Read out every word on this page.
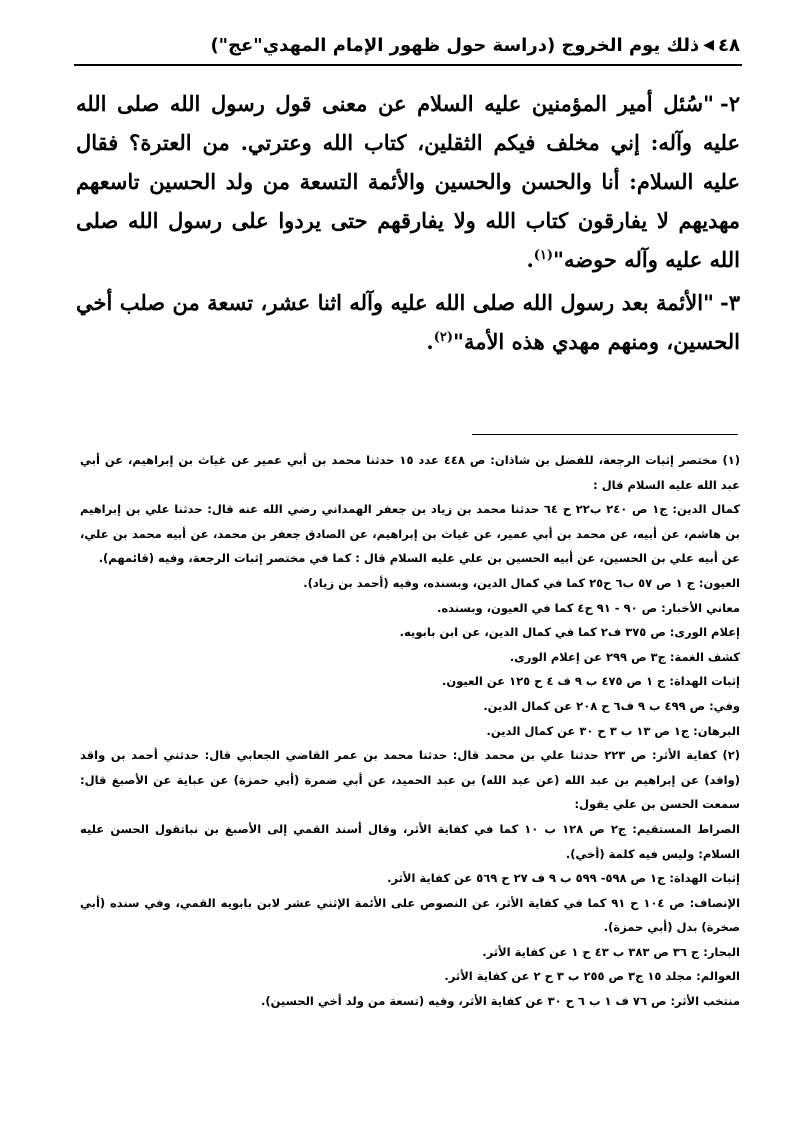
٤٨
◀
ذلك يوم الخروج (دراسة حول ظهور الإمام المهدي"عج")

٢-"سُئل أمير المؤمنين عليه السلام عن معنى قول رسول الله صلى الله عليه وآله: إني مخلف فيكم الثقلين، كتاب الله وعترتي. من العترة؟ فقال عليه السلام: أنا والحسن والحسين والأئمة التسعة من ولد الحسين تاسعهم مهديهم لا يفارقون كتاب الله ولا يفارقهم حتى يردوا على رسول الله صلى الله عليه وآله حوضه"$^{(١)}$.

٣-"الأئمة بعد رسول الله صلى الله عليه وآله اثنا عشر، تسعة من صلب أخي الحسين، ومنهم مهدي هذه الأمة"$^{(٢)}$.

(١) مختصر إثبات الرجعة، للفضل بن شاذان: ص ٤٤٨ عدد ١٥ حدثنا محمد بن أبي عمير عن غياث بن إبراهيم، عن أبي عبد الله عليه السلام قال :

كمال الدين: ج١ ص ٢٤٠ ب٢٢ ح ٦٤ حدثنا محمد بن زياد بن جعفر الهمداني رضي الله عنه قال: حدثنا علي بن إبراهيم بن هاشم، عن أبيه، عن محمد بن أبي عمير، عن غياث بن إبراهيم، عن الصادق جعفر بن محمد، عن أبيه محمد بن علي، عن أبيه علي بن الحسين، عن أبيه الحسين بن علي عليه السلام قال : كما في مختصر إثبات الرجعة، وفيه (قائمهم).

العيون: ج ١ ص ٥٧ ب٦ ح٢٥ كما في كمال الدين، وبسنده، وفيه (أحمد بن زياد).

معاني الأخبار: ص ٩٠ - ٩١ ح٤ كما في العيون، وبسنده.

إعلام الورى: ص ٣٧٥ ف٢ كما في كمال الدين، عن ابن بابويه.

كشف الغمة: ج٣ ص ٢٩٩ عن إعلام الورى.

إثبات الهداة: ج ١ ص ٤٧٥ ب ٩ ف ٤ ح ١٢٥ عن العيون.

وفي: ص ٤٩٩ ب ٩ ف٦ ح ٢٠٨ عن كمال الدين.

البرهان: ج١ ص ١٣ ب ٣ ح ٣٠ عن كمال الدين.

(٢) كفاية الأثر: ص ٢٢٣ حدثنا علي بن محمد قال: حدثنا محمد بن عمر القاضي الجعابي قال: حدثني أحمد بن واقد (وافد) عن إبراهيم بن عبد الله (عن عبد الله) بن عبد الحميد، عن أبي ضمرة (أبي حمزة) عن عباية عن الأصبغ قال: سمعت الحسن بن علي يقول:

الصراط المستقيم: ج٢ ص ١٢٨ ب ١٠ كما في كفاية الأثر، وقال أسند القمي إلى الأصبغ بن نباتقول الحسن عليه السلام: وليس فيه كلمة (أخي).

إثبات الهداة: ج١ ص ٥٩٨- ٥٩٩ ب ٩ ف ٢٧ ح ٥٦٩ عن كفاية الأثر.

الإنصاف: ص ١٠٤ ح ٩١ كما في كفاية الأثر، عن النصوص على الأئمة الإثني عشر لابن بابويه القمي، وفي سنده (أبي صخرة) بدل (أبي حمزة).

البحار: ج ٣٦ ص ٣٨٣ ب ٤٣ ح ١ عن كفاية الأثر.

العوالم: مجلد ١٥ ج٣ ص ٢٥٥ ب ٣ ح ٢ عن كفاية الأثر.

منتخب الأثر: ص ٧٦ ف ١ ب ٦ ح ٣٠ عن كفاية الأثر، وفيه (تسعة من ولد أخي الحسين).
